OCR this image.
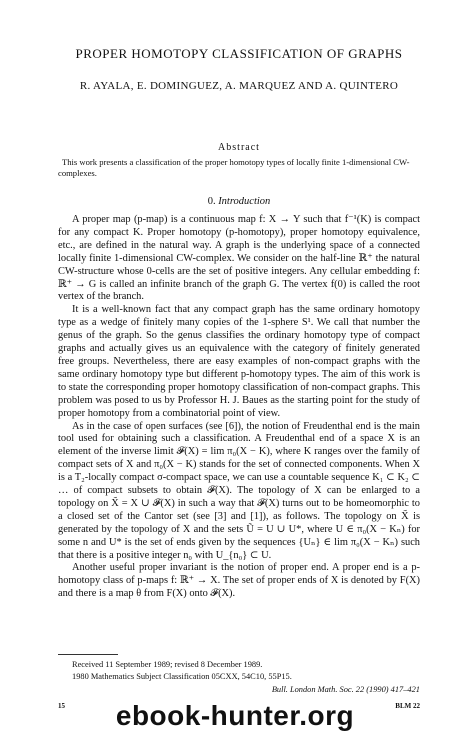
PROPER HOMOTOPY CLASSIFICATION OF GRAPHS
R. AYALA, E. DOMINGUEZ, A. MARQUEZ AND A. QUINTERO
Abstract
This work presents a classification of the proper homotopy types of locally finite 1-dimensional CW-complexes.
0. Introduction

A proper map (p-map) is a continuous map f: X → Y such that f⁻¹(K) is compact for any compact K. Proper homotopy (p-homotopy), proper homotopy equivalence, etc., are defined in the natural way. A graph is the underlying space of a connected locally finite 1-dimensional CW-complex. We consider on the half-line ℝ⁺ the natural CW-structure whose 0-cells are the set of positive integers. Any cellular embedding f: ℝ⁺ → G is called an infinite branch of the graph G. The vertex f(0) is called the root vertex of the branch.

It is a well-known fact that any compact graph has the same ordinary homotopy type as a wedge of finitely many copies of the 1-sphere S¹. We call that number the genus of the graph. So the genus classifies the ordinary homotopy type of compact graphs and actually gives us an equivalence with the category of finitely generated free groups. Nevertheless, there are easy examples of non-compact graphs with the same ordinary homotopy type but different p-homotopy types. The aim of this work is to state the corresponding proper homotopy classification of non-compact graphs. This problem was posed to us by Professor H. J. Baues as the starting point for the study of proper homotopy from a combinatorial point of view.

As in the case of open surfaces (see [6]), the notion of Freudenthal end is the main tool used for obtaining such a classification. A Freudenthal end of a space X is an element of the inverse limit 𝓕(X) = lim π₀(X − K), where K ranges over the family of compact sets of X and π₀(X − K) stands for the set of connected components. When X is a T₂-locally compact σ-compact space, we can use a countable sequence K₁ ⊂ K₂ ⊂ … of compact subsets to obtain 𝓕(X). The topology of X can be enlarged to a topology on X̃ = X ∪ 𝓕(X) in such a way that 𝓕(X) turns out to be homeomorphic to a closed set of the Cantor set (see [3] and [1]), as follows. The topology on X̃ is generated by the topology of X and the sets Ũ = U ∪ U*, where U ∈ π₀(X − Kₙ) for some n and U* is the set of ends given by the sequences {Uₙ} ∈ lim π₀(X − Kₙ) such that there is a positive integer n₀ with U_{n₀} ⊂ U.

Another useful proper invariant is the notion of proper end. A proper end is a p-homotopy class of p-maps f: ℝ⁺ → X. The set of proper ends of X is denoted by F(X) and there is a map θ from F(X) onto 𝓕(X).

Received 11 September 1989; revised 8 December 1989.
1980 Mathematics Subject Classification 05CXX, 54C10, 55P15.
Bull. London Math. Soc. 22 (1990) 417–421
15	BLM 22
ebook-hunter.org
